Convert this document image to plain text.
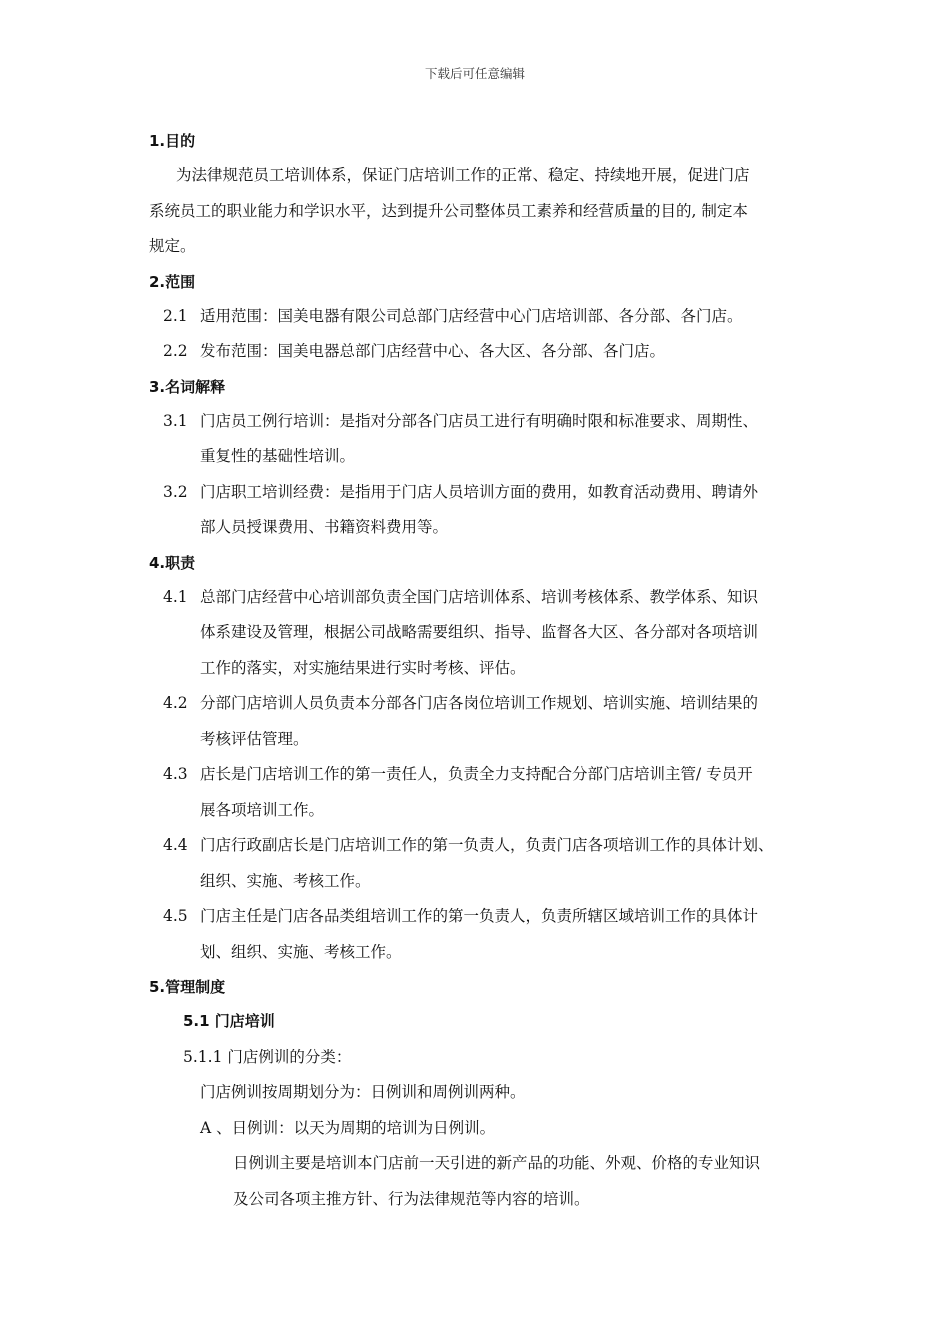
下载后可任意编辑
1.目的
为法律规范员工培训体系，保证门店培训工作的正常、稳定、持续地开展，促进门店
系统员工的职业能力和学识水平，达到提升公司整体员工素养和经营质量的目的, 制定本
规定。
2.范围
2.1 适用范围：国美电器有限公司总部门店经营中心门店培训部、各分部、各门店。
2.2 发布范围：国美电器总部门店经营中心、各大区、各分部、各门店。
3.名词解释
3.1 门店员工例行培训：是指对分部各门店员工进行有明确时限和标准要求、周期性、
重复性的基础性培训。
3.2 门店职工培训经费：是指用于门店人员培训方面的费用，如教育活动费用、聘请外
部人员授课费用、书籍资料费用等。
4.职责
4.1 总部门店经营中心培训部负责全国门店培训体系、培训考核体系、教学体系、知识
体系建设及管理，根据公司战略需要组织、指导、监督各大区、各分部对各项培训
工作的落实，对实施结果进行实时考核、评估。
4.2 分部门店培训人员负责本分部各门店各岗位培训工作规划、培训实施、培训结果的
考核评估管理。
4.3 店长是门店培训工作的第一责任人，负责全力支持配合分部门店培训主管/ 专员开
展各项培训工作。
4.4 门店行政副店长是门店培训工作的第一负责人，负责门店各项培训工作的具体计划、
组织、实施、考核工作。
4.5 门店主任是门店各品类组培训工作的第一负责人，负责所辖区域培训工作的具体计
划、组织、实施、考核工作。
5.管理制度
5.1 门店培训
5.1.1 门店例训的分类：
门店例训按周期划分为：日例训和周例训两种。
A 、日例训：以天为周期的培训为日例训。
日例训主要是培训本门店前一天引进的新产品的功能、外观、价格的专业知识
及公司各项主推方针、行为法律规范等内容的培训。
